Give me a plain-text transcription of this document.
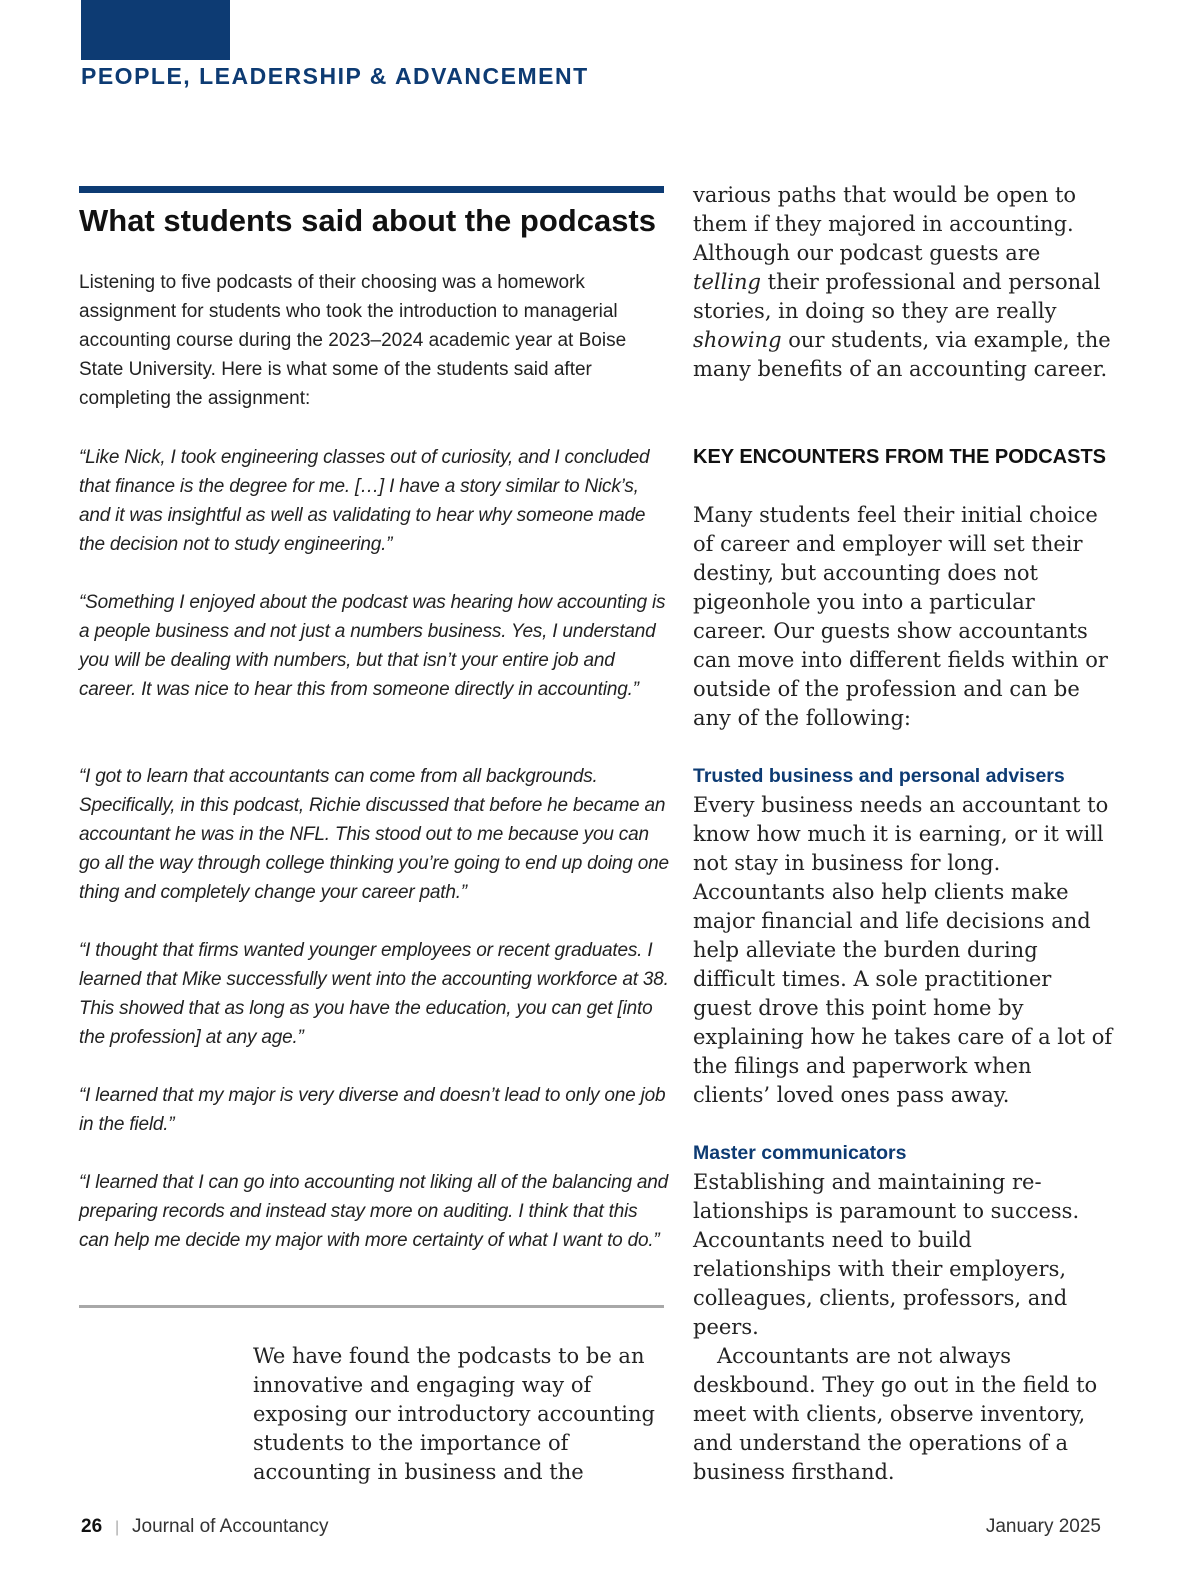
PEOPLE, LEADERSHIP & ADVANCEMENT
What students said about the podcasts

Listening to five podcasts of their choosing was a homework assignment for students who took the introduction to managerial accounting course during the 2023–2024 academic year at Boise State University. Here is what some of the students said after completing the assignment:

“Like Nick, I took engineering classes out of curiosity, and I concluded that finance is the degree for me. […] I have a story similar to Nick’s, and it was insightful as well as validating to hear why someone made the decision not to study engineering.”

“Something I enjoyed about the podcast was hearing how accounting is a people business and not just a numbers business. Yes, I understand you will be dealing with numbers, but that isn’t your entire job and career. It was nice to hear this from someone directly in accounting.”

“I got to learn that accountants can come from all backgrounds. Specifically, in this podcast, Richie discussed that before he became an accountant he was in the NFL. This stood out to me because you can go all the way through college thinking you’re going to end up doing one thing and completely change your career path.”

“I thought that firms wanted younger employees or recent graduates. I learned that Mike successfully went into the accounting workforce at 38. This showed that as long as you have the education, you can get [into the profession] at any age.”

“I learned that my major is very diverse and doesn’t lead to only one job in the field.”

“I learned that I can go into accounting not liking all of the balancing and preparing records and instead stay more on auditing. I think that this can help me decide my major with more certainty of what I want to do.”

We have found the podcasts to be an innovative and engaging way of exposing our introductory accounting students to the importance of accounting in business and the

various paths that would be open to them if they majored in accounting. Although our podcast guests are telling their professional and personal stories, in doing so they are really showing our students, via example, the many benefits of an accounting career.

KEY ENCOUNTERS FROM THE PODCASTS

Many students feel their initial choice of career and employer will set their destiny, but accounting does not pigeonhole you into a particular career. Our guests show accountants can move into different fields within or outside of the profession and can be any of the following:

Trusted business and personal advisers

Every business needs an accountant to know how much it is earning, or it will not stay in business for long. Accountants also help clients make major financial and life decisions and help alleviate the burden during difficult times. A sole practitioner guest drove this point home by explaining how he takes care of a lot of the filings and paperwork when clients’ loved ones pass away.

Master communicators

Establishing and maintaining relationships is paramount to success. Accountants need to build relationships with their employers, colleagues, clients, professors, and peers.

Accountants are not always deskbound. They go out in the field to meet with clients, observe inventory, and understand the operations of a business firsthand.

26 | Journal of Accountancy	January 2025
